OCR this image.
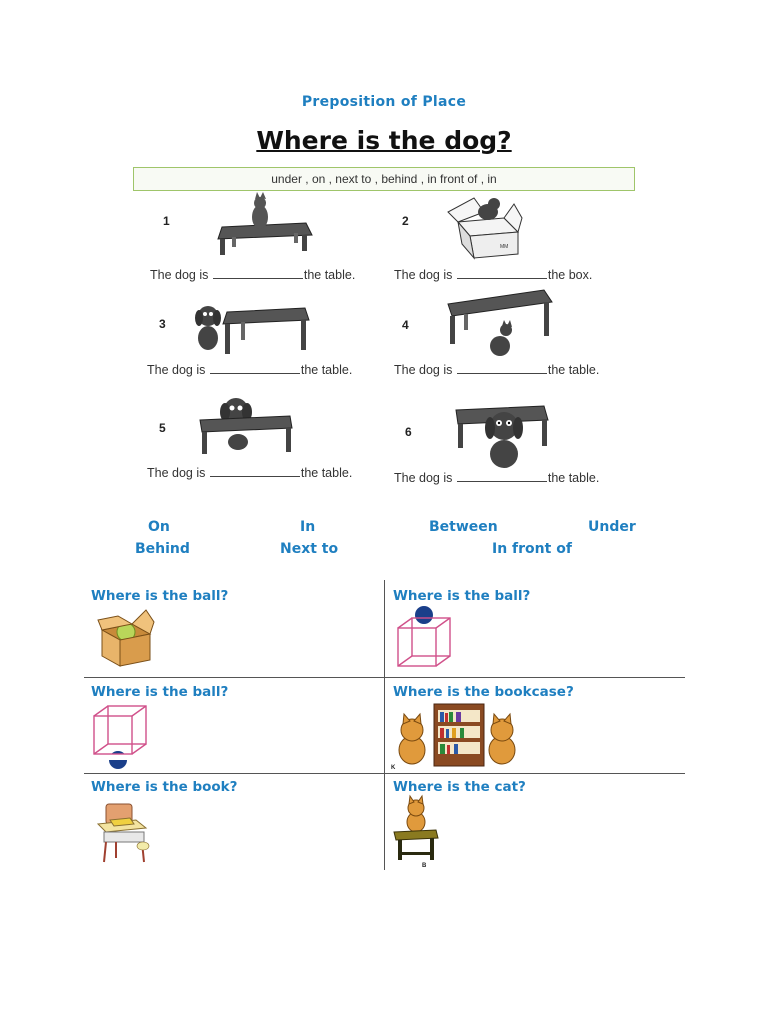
Preposition of Place
Where is the dog?
under , on , next to , behind , in front of , in
1
The dog is	the table.
2
MM
The dog is	the box.
3
The dog is	the table.
4
The dog is	the table.
5
The dog is	the table.
6
The dog is	the table.
On	In	Between	Under
Behind	Next to	In front of
Where is the ball?	Where is the ball?
Where is the ball?	Where is the bookcase?
Where is the book?	Where is the cat?
K
B
